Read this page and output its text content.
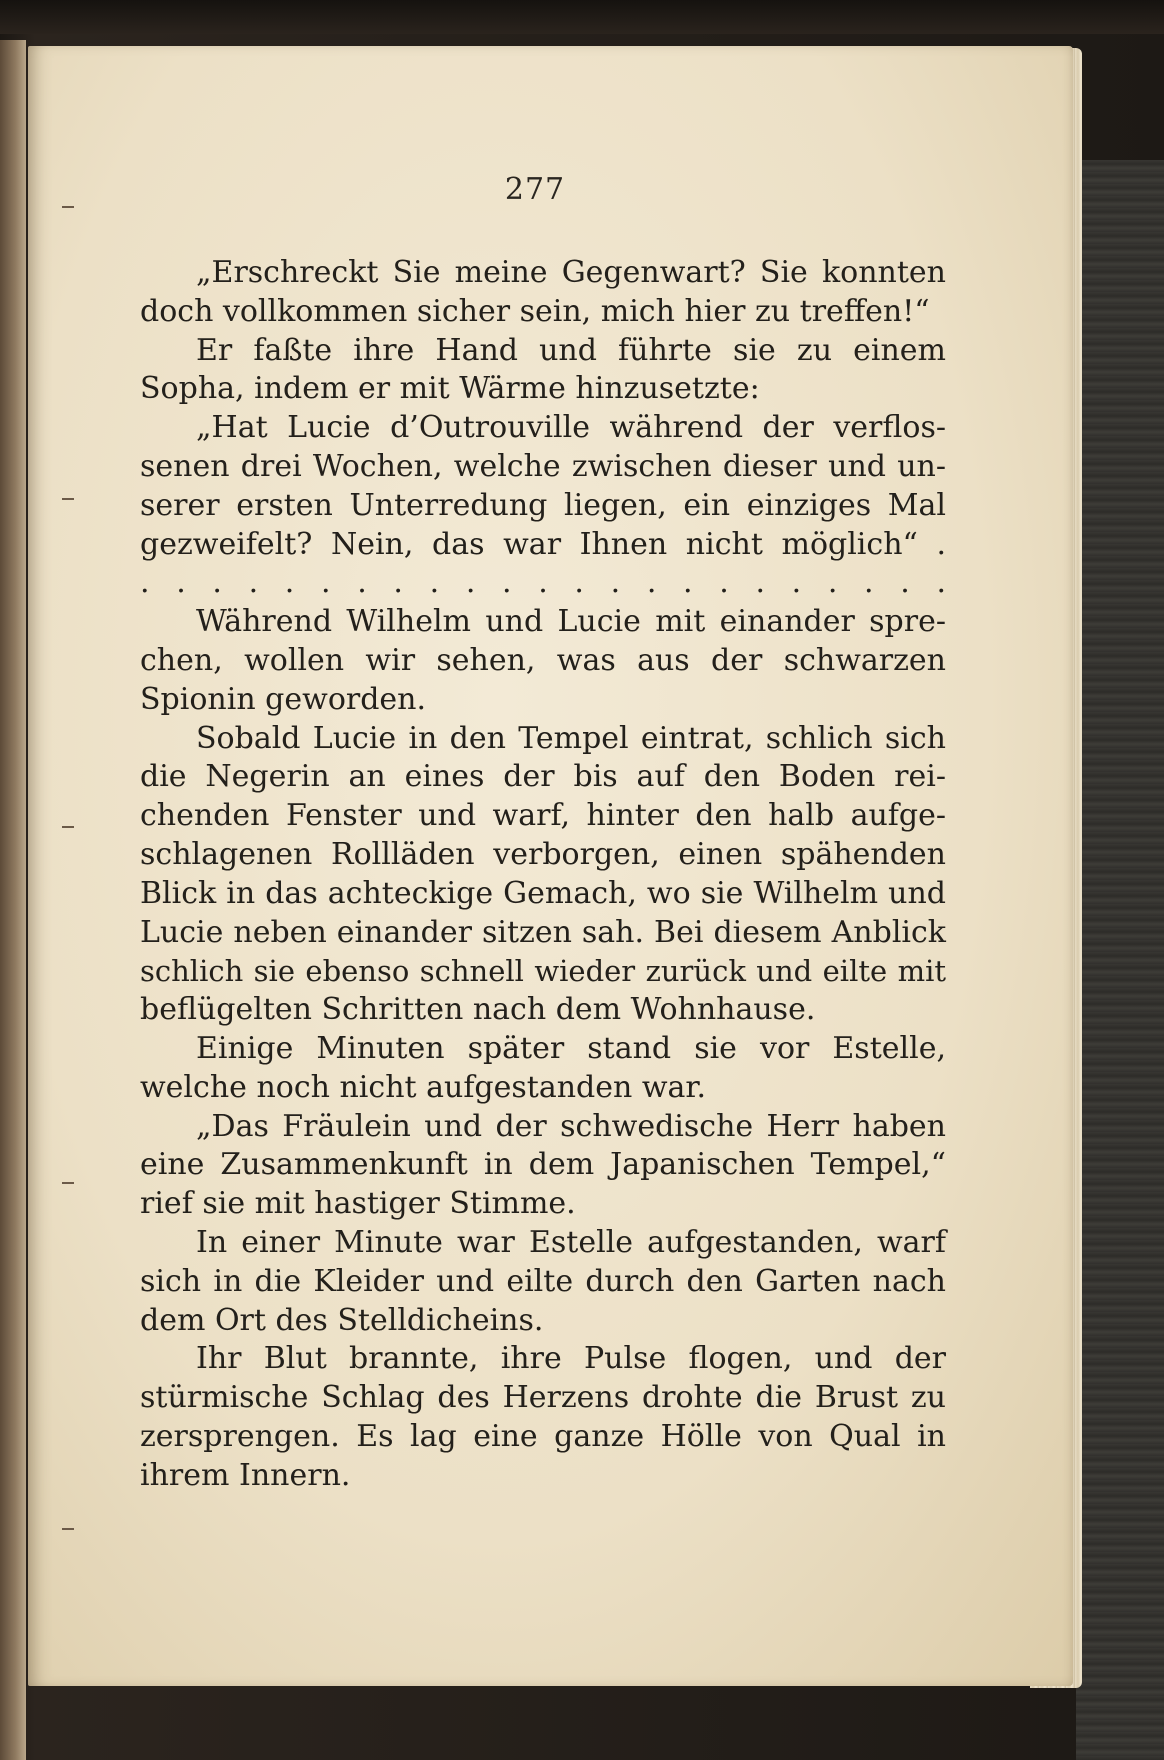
277
„Erschreckt Sie meine Gegenwart? Sie konnten
doch vollkommen sicher sein, mich hier zu treffen!“
Er faßte ihre Hand und führte sie zu einem
Sopha, indem er mit Wärme hinzusetzte:
„Hat Lucie d’Outrouville während der verflos-
senen drei Wochen, welche zwischen dieser und un-
serer ersten Unterredung liegen, ein einziges Mal
gezweifelt? Nein, das war Ihnen nicht möglich“ .
. . . . . . . . . . . . . . . . . . . . . . .
Während Wilhelm und Lucie mit einander spre-
chen, wollen wir sehen, was aus der schwarzen
Spionin geworden.
Sobald Lucie in den Tempel eintrat, schlich sich
die Negerin an eines der bis auf den Boden rei-
chenden Fenster und warf, hinter den halb aufge-
schlagenen Rollläden verborgen, einen spähenden
Blick in das achteckige Gemach, wo sie Wilhelm und
Lucie neben einander sitzen sah. Bei diesem Anblick
schlich sie ebenso schnell wieder zurück und eilte mit
beflügelten Schritten nach dem Wohnhause.
Einige Minuten später stand sie vor Estelle,
welche noch nicht aufgestanden war.
„Das Fräulein und der schwedische Herr haben
eine Zusammenkunft in dem Japanischen Tempel,“
rief sie mit hastiger Stimme.
In einer Minute war Estelle aufgestanden, warf
sich in die Kleider und eilte durch den Garten nach
dem Ort des Stelldicheins.
Ihr Blut brannte, ihre Pulse flogen, und der
stürmische Schlag des Herzens drohte die Brust zu
zersprengen. Es lag eine ganze Hölle von Qual in
ihrem Innern.
